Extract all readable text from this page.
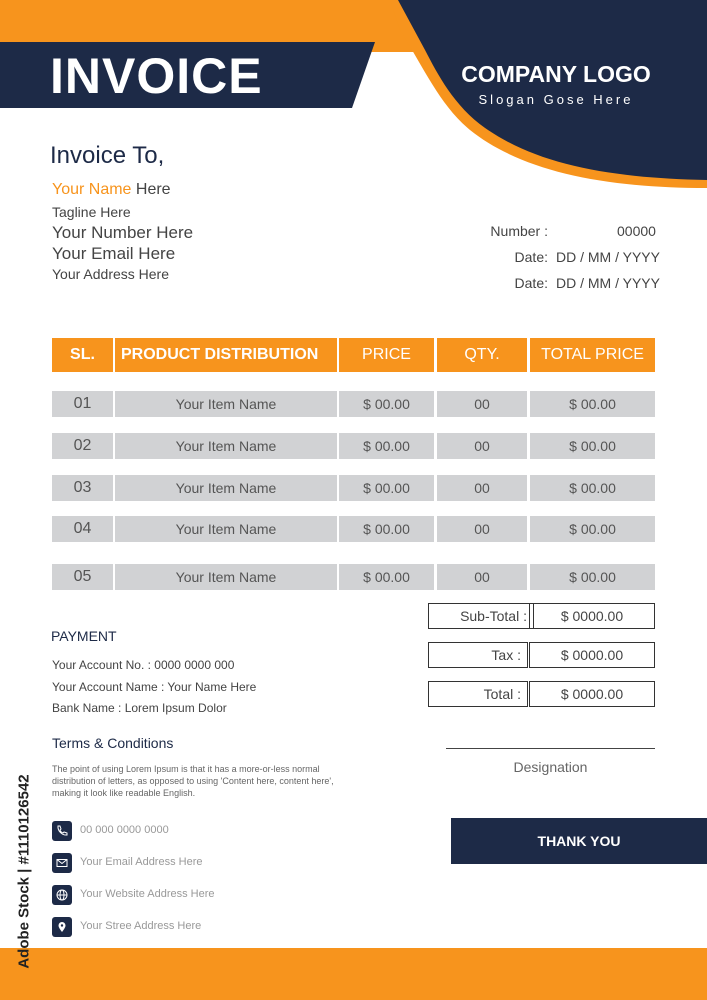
INVOICE	COMPANY LOGO
Slogan Gose Here
Invoice To,
Your Name Here
Tagline Here
Your Number Here
Your Email Here
Your Address Here
Number :	00000
Date: DD / MM / YYYY
Date: DD / MM / YYYY
SL.	PRODUCT DISTRIBUTION	PRICE	QTY.	TOTAL PRICE
01	Your Item Name	$ 00.00	00	$ 00.00
02	Your Item Name	$ 00.00	00	$ 00.00
03	Your Item Name	$ 00.00	00	$ 00.00
04	Your Item Name	$ 00.00	00	$ 00.00
05	Your Item Name	$ 00.00	00	$ 00.00
Sub-Total :	$ 0000.00
Tax :	$ 0000.00
Total :	$ 0000.00
PAYMENT
Your Account No. : 0000 0000 000
Your Account Name : Your Name Here
Bank Name : Lorem Ipsum Dolor
Terms & Conditions
The point of using Lorem Ipsum is that it has a more-or-less normal distribution of letters, as opposed to using 'Content here, content here', making it look like readable English.
00 000 0000 0000
Your Email Address Here
Your Website Address Here
Your Stree Address Here
Designation
THANK YOU
Adobe Stock | #1110126542
